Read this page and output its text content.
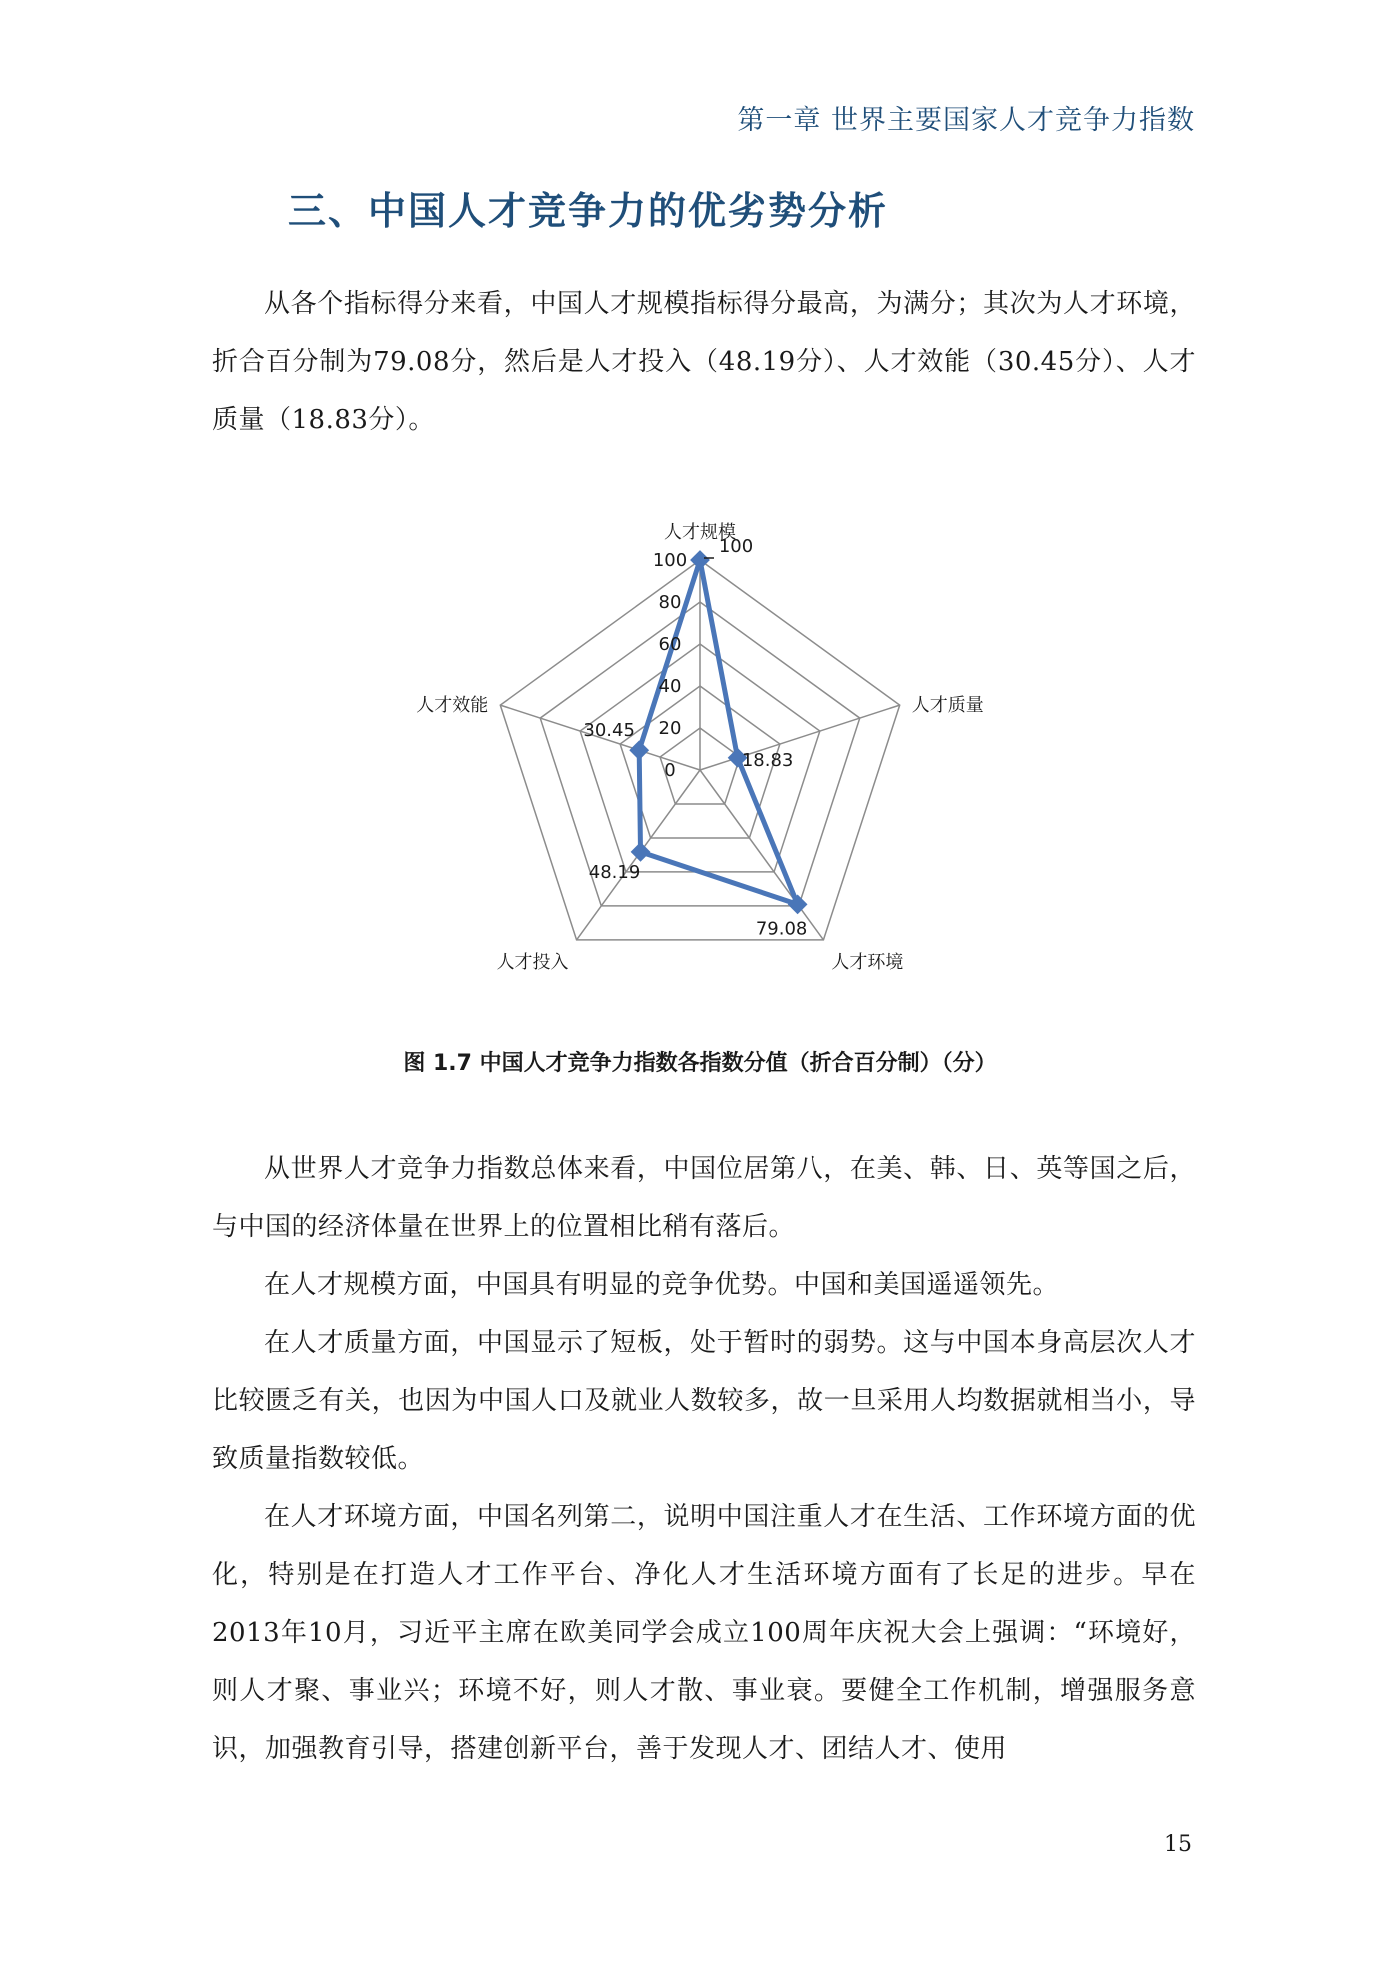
第一章 世界主要国家人才竞争力指数

三、中国人才竞争力的优劣势分析

从各个指标得分来看，中国人才规模指标得分最高，为满分；其次为人才环境，折合百分制为79.08分，然后是人才投入（48.19分）、人才效能（30.45分）、人才质量（18.83分）。

0
20
40
60
80
100
人才规模
人才质量
人才环境
人才投入
人才效能
100
18.83
79.08
48.19
30.45

图 1.7 中国人才竞争力指数各指数分值（折合百分制）（分）

从世界人才竞争力指数总体来看，中国位居第八，在美、韩、日、英等国之后，与中国的经济体量在世界上的位置相比稍有落后。

在人才规模方面，中国具有明显的竞争优势。中国和美国遥遥领先。

在人才质量方面，中国显示了短板，处于暂时的弱势。这与中国本身高层次人才比较匮乏有关，也因为中国人口及就业人数较多，故一旦采用人均数据就相当小，导致质量指数较低。

在人才环境方面，中国名列第二，说明中国注重人才在生活、工作环境方面的优化，特别是在打造人才工作平台、净化人才生活环境方面有了长足的进步。早在2013年10月，习近平主席在欧美同学会成立100周年庆祝大会上强调：“环境好，则人才聚、事业兴；环境不好，则人才散、事业衰。要健全工作机制，增强服务意识，加强教育引导，搭建创新平台，善于发现人才、团结人才、使用

15
